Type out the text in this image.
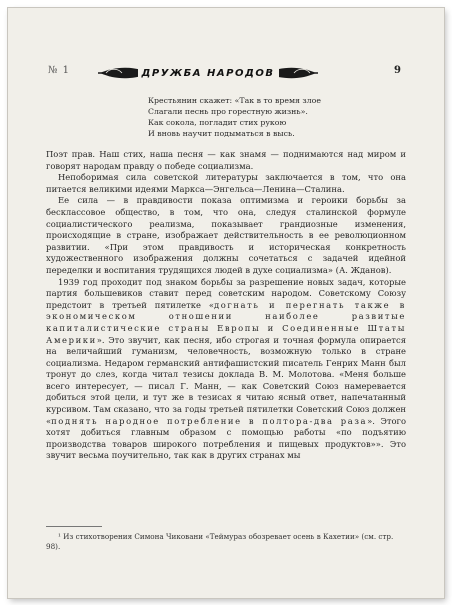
№ 1	ДРУЖБА НАРОДОВ	9
Крестьянин скажет: «Так в то время злое
Слагали песнь про горестную жизнь».
Как сокола, погладит стих рукою
И вновь научит подыматься в высь.

Поэт прав. Наш стих, наша песня — как знамя — поднимаются над миром и говорят народам правду о победе социализма.

Непоборимая сила советской литературы заключается в том, что она питается великими идеями Маркса—Энгельса—Ленина—Сталина.

Ее сила — в правдивости показа оптимизма и героики борьбы за бесклассовое общество, в том, что она, следуя сталинской формуле социалистического реализма, показывает грандиозные изменения, происходящие в стране, изображает действительность в ее революционном развитии. «При этом правдивость и историческая конкретность художественного изображения должны сочетаться с задачей идейной переделки и воспитания трудящихся людей в духе социализма» (А. Жданов).

1939 год проходит под знаком борьбы за разрешение новых задач, которые партия большевиков ставит перед советским народом. Советскому Союзу предстоит в третьей пятилетке «догнать и перегнать также в экономическом отношении наиболее развитые капиталистические страны Европы и Соединенные Штаты Америки». Это звучит, как песня, ибо строгая и точная формула опирается на величайший гуманизм, человечность, возможную только в стране социализма. Недаром германский антифашистский писатель Генрих Манн был тронут до слез, когда читал тезисы доклада В. М. Молотова. «Меня больше всего интересует, — писал Г. Манн, — как Советский Союз намеревается добиться этой цели, и тут же в тезисах я читаю ясный ответ, напечатанный курсивом. Там сказано, что за годы третьей пятилетки Советский Союз должен «поднять народное потребление в полтора-два раза». Этого хотят добиться главным образом с помощью работы «по подъятию производства товаров широкого потребления и пищевых продуктов»». Это звучит весьма поучительно, так как в других странах мы

¹ Из стихотворения Симона Чиковани «Теймураз обозревает осень в Кахетии» (см. стр. 98).
